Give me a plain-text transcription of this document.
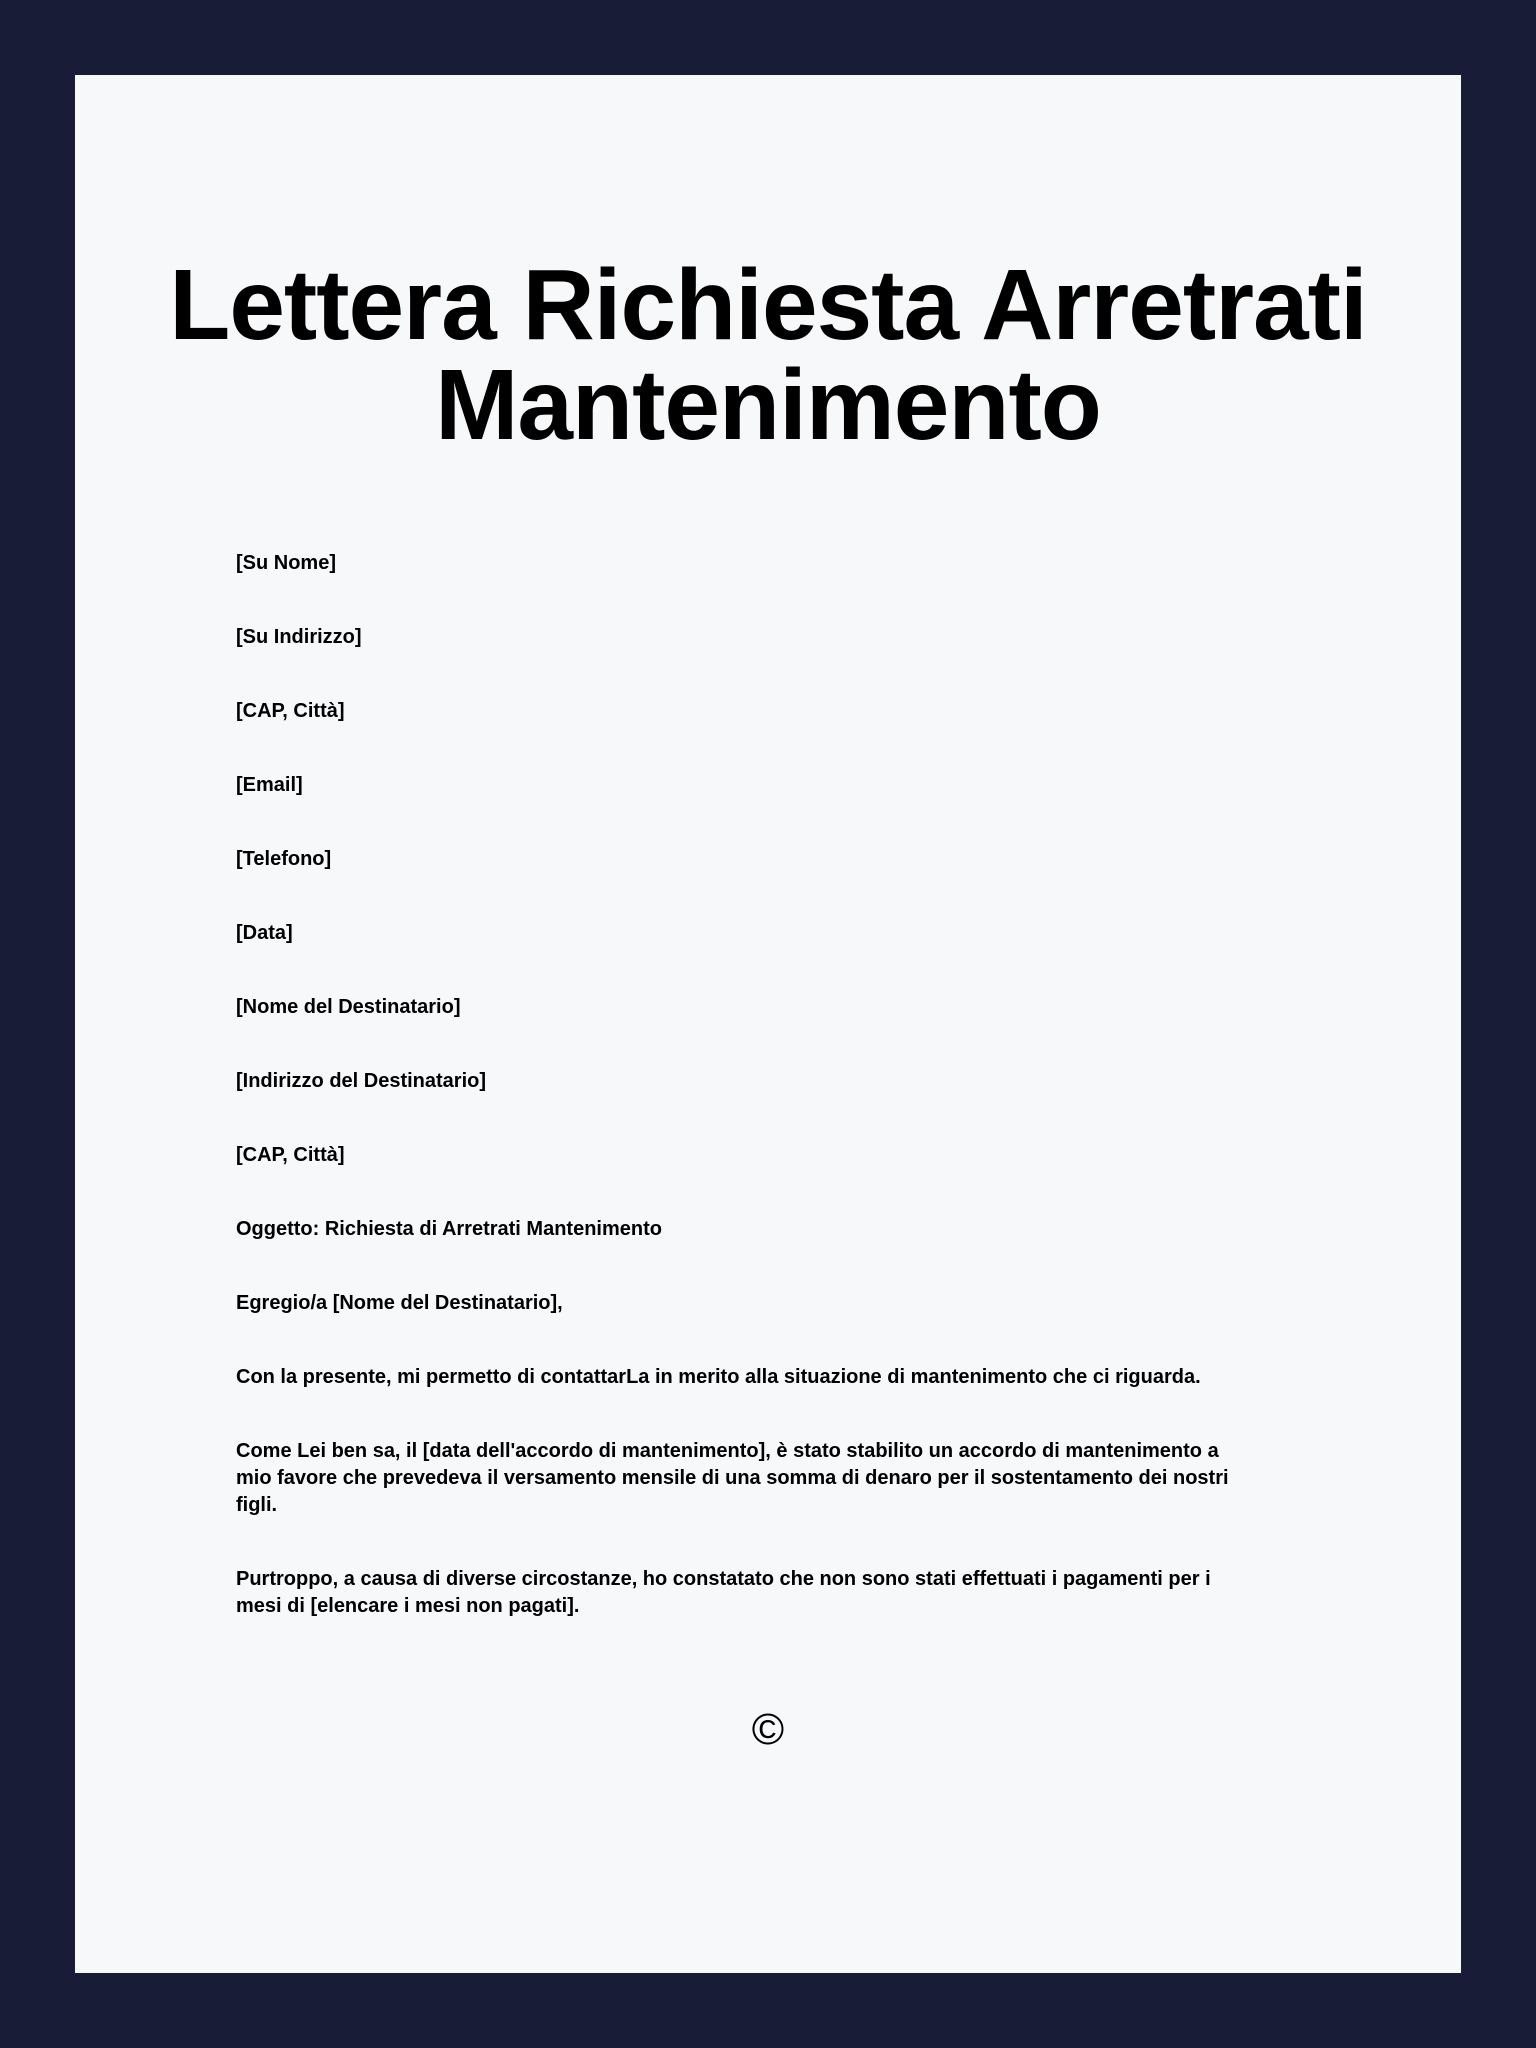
Lettera Richiesta Arretrati Mantenimento

[Su Nome]

[Su Indirizzo]

[CAP, Città]

[Email]

[Telefono]

[Data]

[Nome del Destinatario]

[Indirizzo del Destinatario]

[CAP, Città]

Oggetto: Richiesta di Arretrati Mantenimento

Egregio/a [Nome del Destinatario],

Con la presente, mi permetto di contattarLa in merito alla situazione di mantenimento che ci riguarda.

Come Lei ben sa, il [data dell'accordo di mantenimento], è stato stabilito un accordo di mantenimento a mio favore che prevedeva il versamento mensile di una somma di denaro per il sostentamento dei nostri figli.

Purtroppo, a causa di diverse circostanze, ho constatato che non sono stati effettuati i pagamenti per i mesi di [elencare i mesi non pagati].

©
